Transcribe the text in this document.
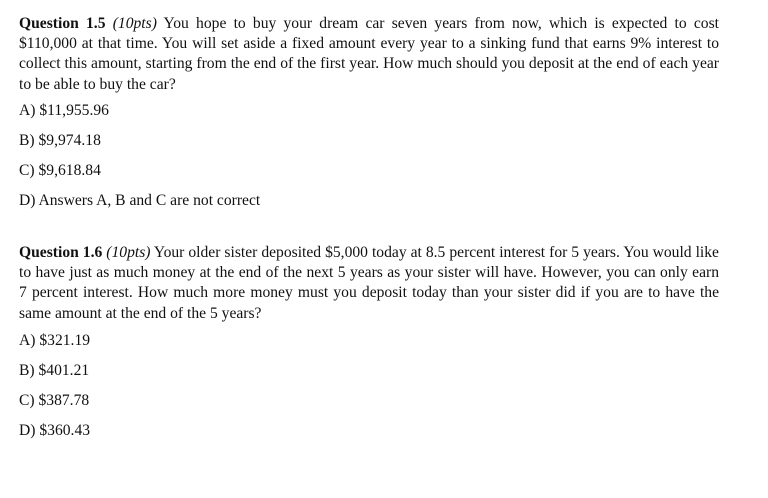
Question 1.5 (10pts) You hope to buy your dream car seven years from now, which is expected to cost $110,000 at that time. You will set aside a fixed amount every year to a sinking fund that earns 9% interest to collect this amount, starting from the end of the first year. How much should you deposit at the end of each year to be able to buy the car?

A) $11,955.96
B) $9,974.18
C) $9,618.84
D) Answers A, B and C are not correct

Question 1.6 (10pts) Your older sister deposited $5,000 today at 8.5 percent interest for 5 years. You would like to have just as much money at the end of the next 5 years as your sister will have. However, you can only earn 7 percent interest. How much more money must you deposit today than your sister did if you are to have the same amount at the end of the 5 years?

A) $321.19
B) $401.21
C) $387.78
D) $360.43
